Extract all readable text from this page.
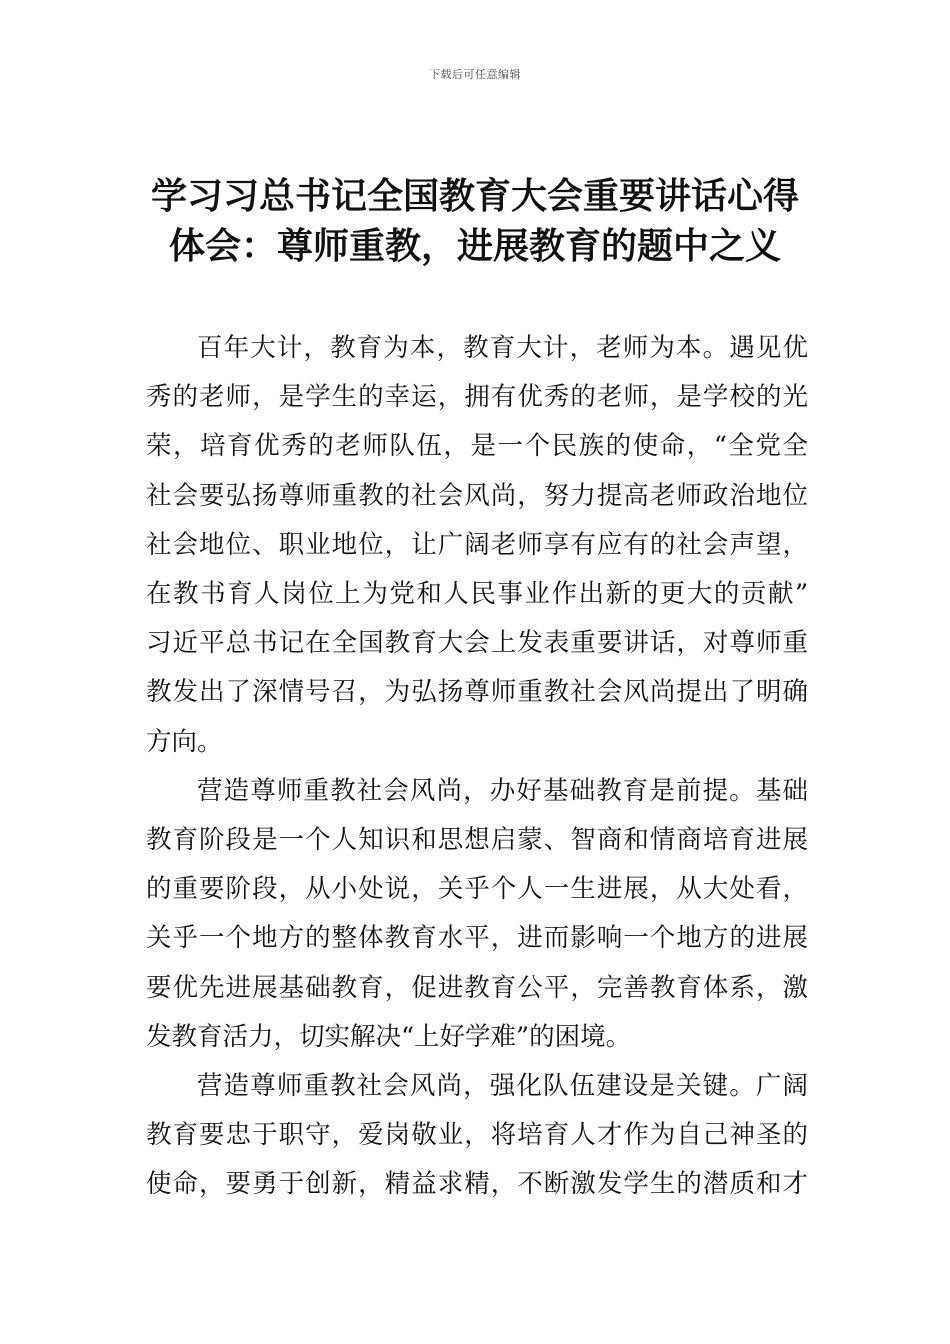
下载后可任意编辑
学习习总书记全国教育大会重要讲话心得
体会：尊师重教，进展教育的题中之义

百年大计，教育为本，教育大计，老师为本。遇见优
秀的老师，是学生的幸运，拥有优秀的老师，是学校的光
荣，培育优秀的老师队伍，是一个民族的使命，“全党全
社会要弘扬尊师重教的社会风尚，努力提高老师政治地位
社会地位、职业地位，让广阔老师享有应有的社会声望，
在教书育人岗位上为党和人民事业作出新的更大的贡献”
习近平总书记在全国教育大会上发表重要讲话，对尊师重
教发出了深情号召，为弘扬尊师重教社会风尚提出了明确
方向。

营造尊师重教社会风尚，办好基础教育是前提。基础
教育阶段是一个人知识和思想启蒙、智商和情商培育进展
的重要阶段，从小处说，关乎个人一生进展，从大处看，
关乎一个地方的整体教育水平，进而影响一个地方的进展
要优先进展基础教育，促进教育公平，完善教育体系，激
发教育活力，切实解决“上好学难”的困境。

营造尊师重教社会风尚，强化队伍建设是关键。广阔
教育要忠于职守，爱岗敬业，将培育人才作为自己神圣的
使命，要勇于创新，精益求精，不断激发学生的潜质和才
